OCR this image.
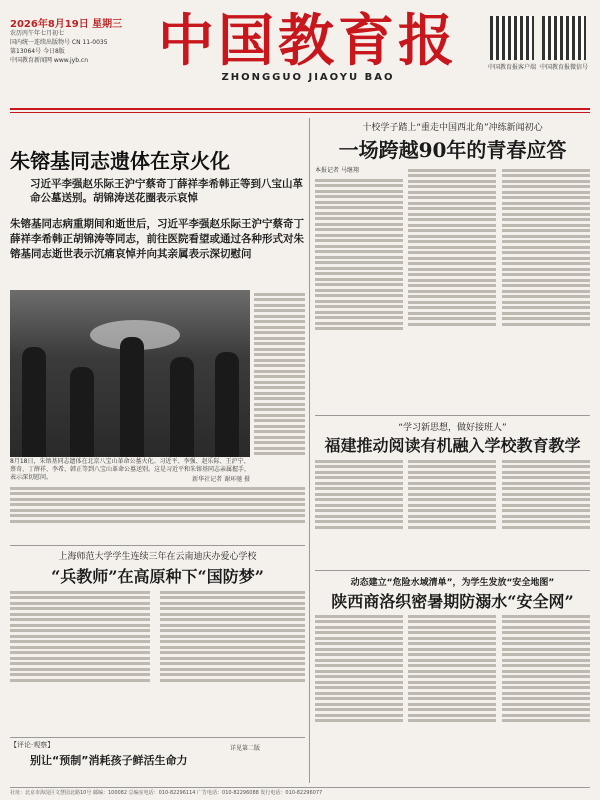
2026年8月19日 星期三
农历丙午年七月初七
国内统一连续出版物号 CN 11-0035
第13064号 今日8版
中国教育新闻网 www.jyb.cn	中国教育报
ZHONGGUO JIAOYU BAO
中国教育报客户端 中国教育报微信号
朱镕基同志遗体在京火化
习近平李强赵乐际王沪宁蔡奇丁薛祥李希韩正等到八宝山革命公墓送别。胡锦涛送花圈表示哀悼
朱镕基同志病重期间和逝世后，习近平李强赵乐际王沪宁蔡奇丁薛祥李希韩正胡锦涛等同志，前往医院看望或通过各种形式对朱镕基同志逝世表示沉痛哀悼并向其亲属表示深切慰问
8月18日，朱镕基同志遗体在北京八宝山革命公墓火化。习近平、李强、赵乐际、王沪宁、蔡奇、丁薛祥、李希、韩正等到八宝山革命公墓送别。这是习近平和朱镕基同志亲属握手，表示深切慰问。	新华社记者 谢环驰 摄
上海师范大学学生连续三年在云南迪庆办爱心学校
“兵教师”在高原种下“国防梦”
【评论·观察】	详见第二版
别让“预制”消耗孩子鲜活生命力
十校学子踏上“重走中国西北角”冲练新闻初心
一场跨越90年的青春应答
本报记者 马继翔
“学习新思想，做好接班人”
福建推动阅读有机融入学校教育教学
动态建立“危险水域清单”，为学生发放“安全地图”
陕西商洛织密暑期防溺水“安全网”
社址：北京市海淀区文慧园北路10号 邮编：100082 总编室电话：010-82296114 广告电话：010-82296088 发行电话：010-82296077
